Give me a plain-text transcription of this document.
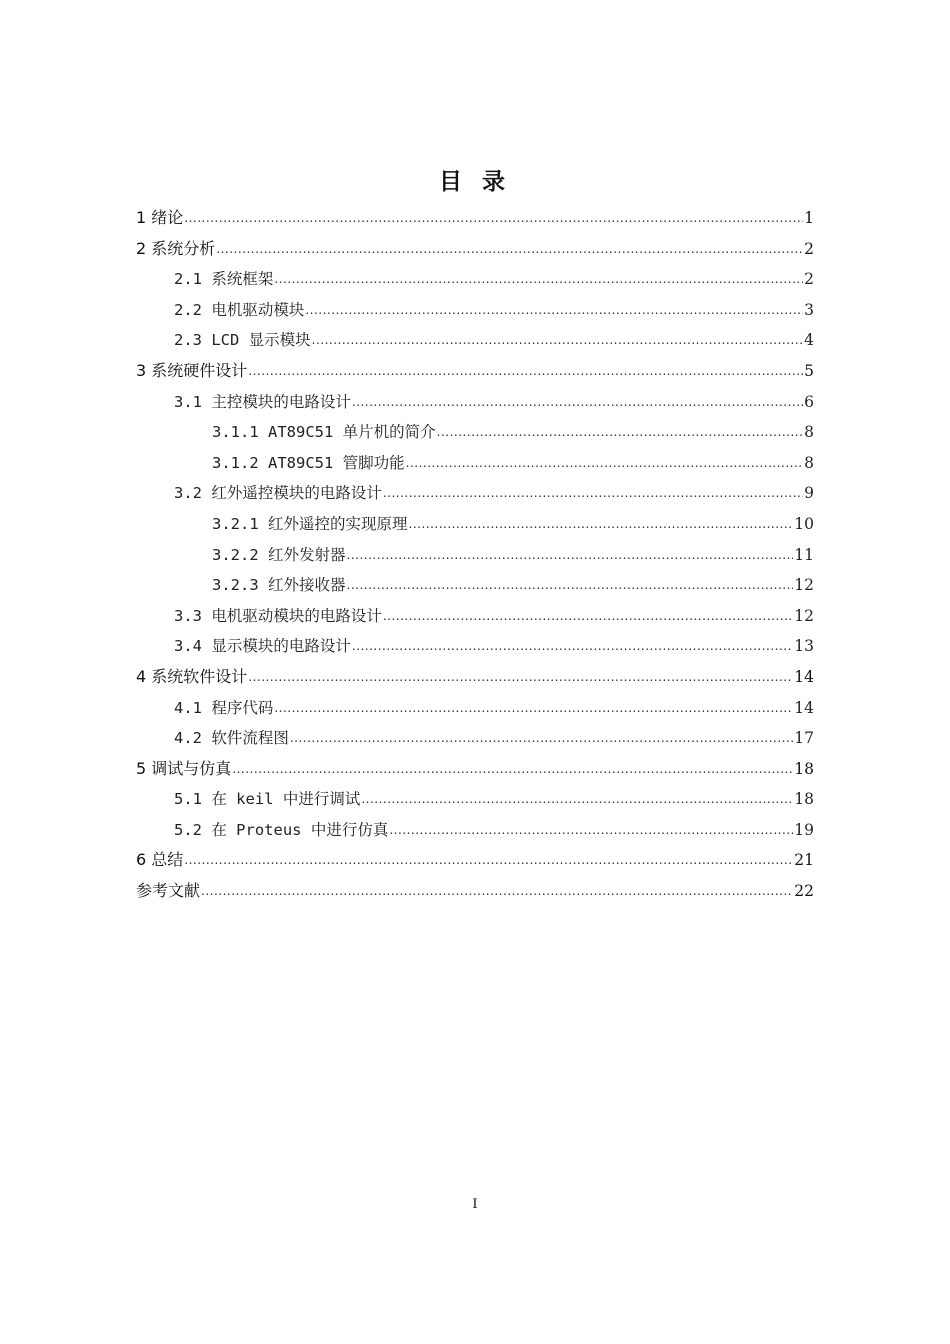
目 录
1 绪论 .....	1
2 系统分析 .....	2
2.1 系统框架 .....	2
2.2 电机驱动模块 .....	3
2.3 LCD 显示模块 .....	4
3 系统硬件设计 .....	5
3.1 主控模块的电路设计 .....	6
3.1.1 AT89C51 单片机的简介 .....	8
3.1.2 AT89C51 管脚功能 .....	8
3.2 红外遥控模块的电路设计 .....	9
3.2.1 红外遥控的实现原理 .....	10
3.2.2 红外发射器 .....	11
3.2.3 红外接收器 .....	12
3.3 电机驱动模块的电路设计 .....	12
3.4 显示模块的电路设计 .....	13
4 系统软件设计 .....	14
4.1 程序代码 .....	14
4.2 软件流程图 .....	17
5 调试与仿真 .....	18
5.1 在 keil 中进行调试 .....	18
5.2 在 Proteus 中进行仿真 .....	19
6 总结 .....	21
参考文献 .....	22
I
